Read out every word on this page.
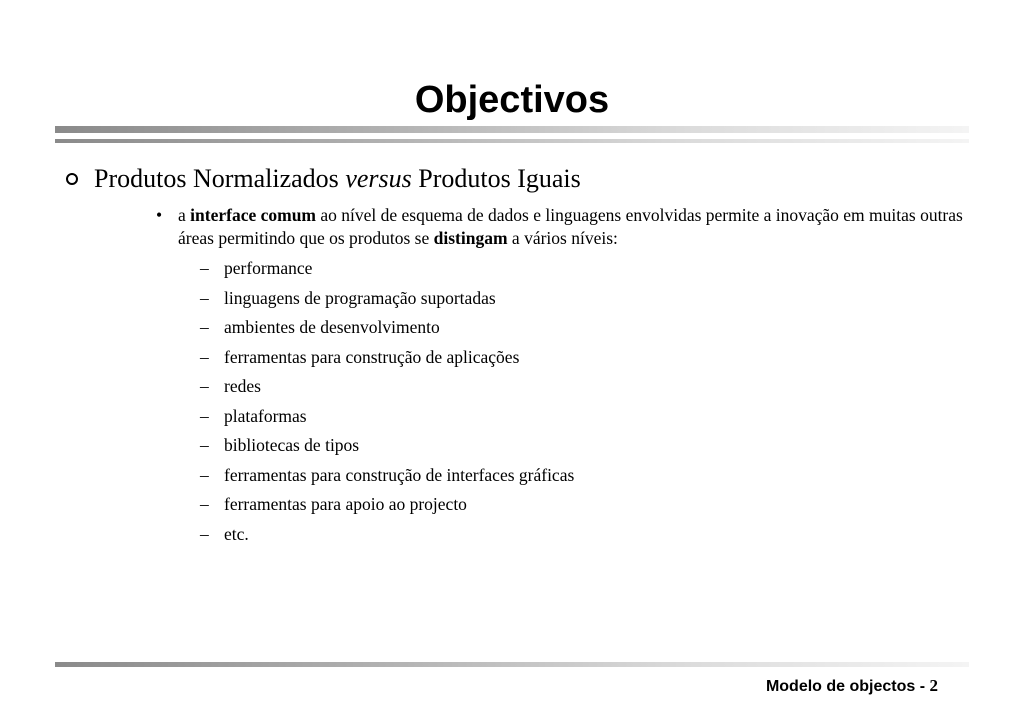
Objectivos
Produtos Normalizados versus Produtos Iguais
• a interface comum ao nível de esquema de dados e linguagens envolvidas permite a inovação em muitas outras áreas permitindo que os produtos se distingam a vários níveis:
– performance
– linguagens de programação suportadas
– ambientes de desenvolvimento
– ferramentas para construção de aplicações
– redes
– plataformas
– bibliotecas de tipos
– ferramentas para construção de interfaces gráficas
– ferramentas para apoio ao projecto
– etc.
Modelo de objectos - 2
